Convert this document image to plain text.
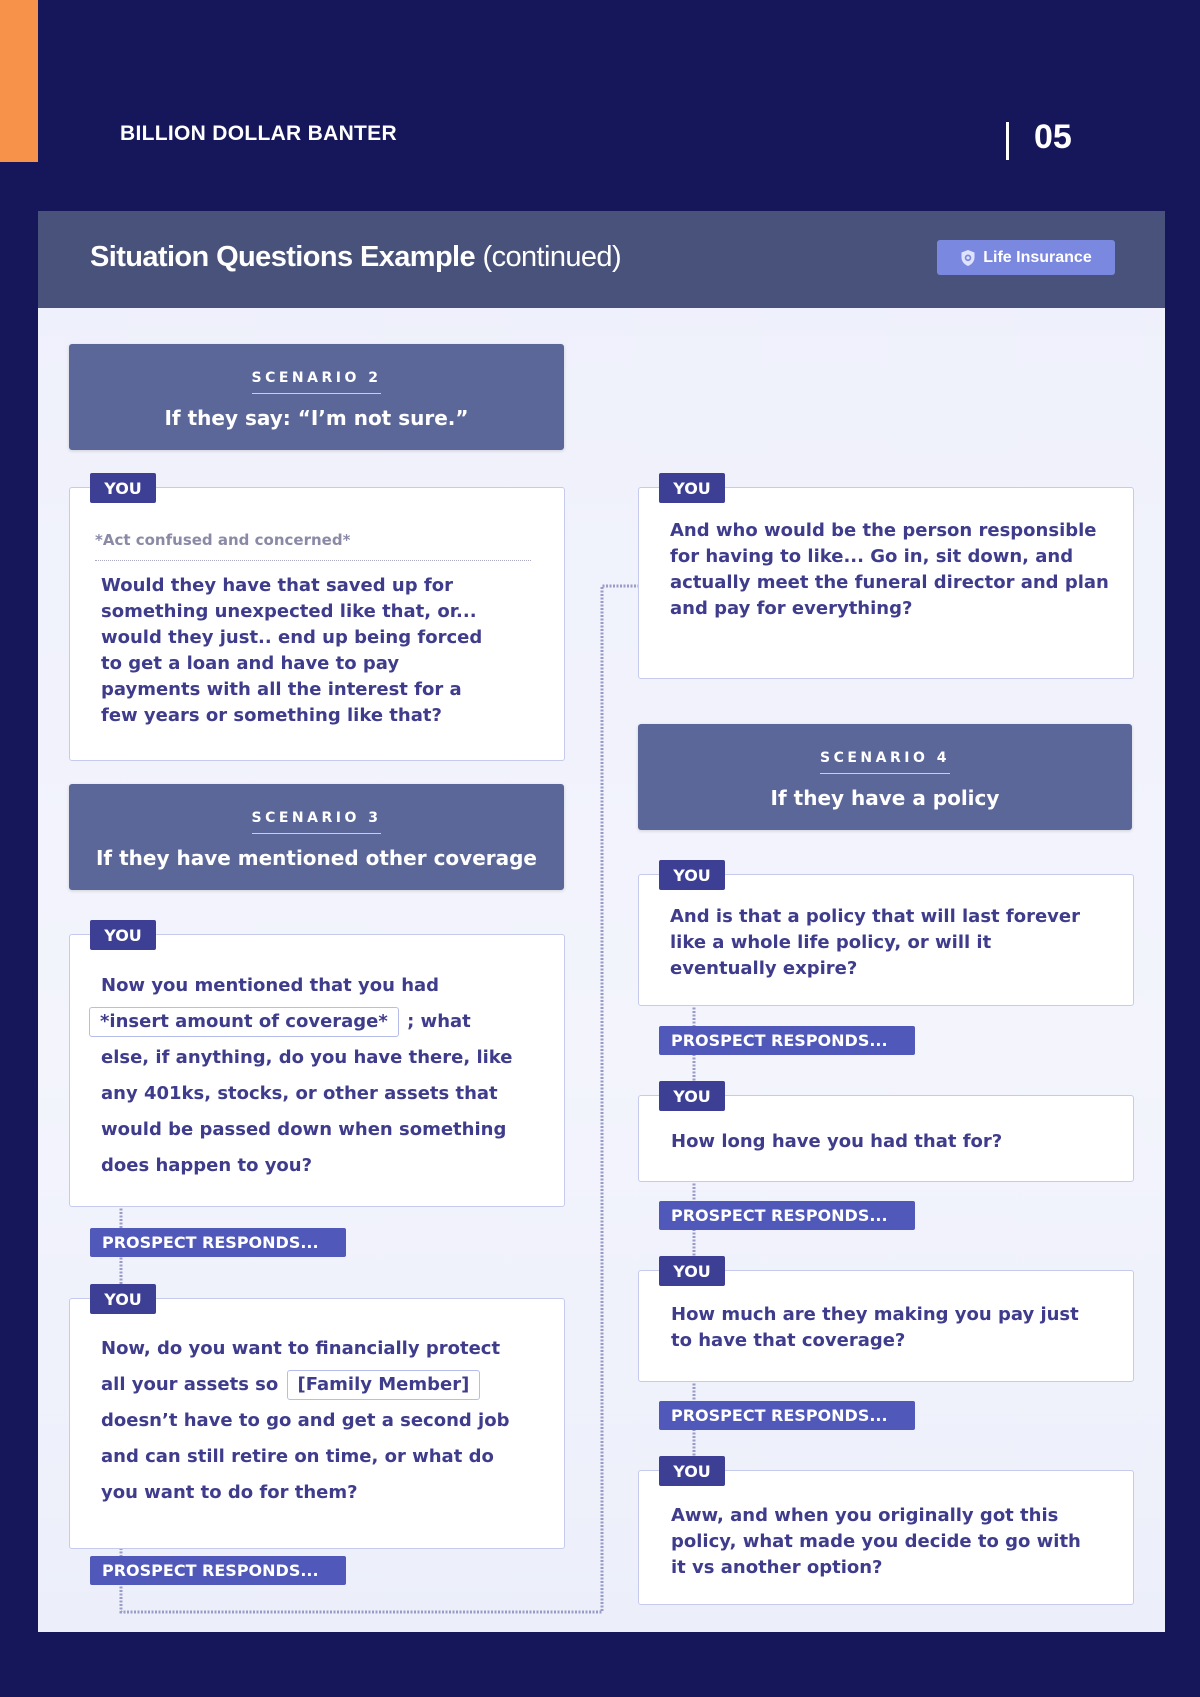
BILLION DOLLAR BANTER	05
Situation Questions Example (continued)	Life Insurance
SCENARIO 2
If they say: “I’m not sure.”
YOU
*Act confused and concerned*
Would they have that saved up for something unexpected like that, or... would they just.. end up being forced to get a loan and have to pay payments with all the interest for a few years or something like that?
SCENARIO 3
If they have mentioned other coverage
YOU
Now you mentioned that you had *insert amount of coverage* ; what else, if anything, do you have there, like any 401ks, stocks, or other assets that would be passed down when something does happen to you?
PROSPECT RESPONDS...
YOU
Now, do you want to financially protect all your assets so [Family Member] doesn’t have to go and get a second job and can still retire on time, or what do you want to do for them?
PROSPECT RESPONDS...
YOU
And who would be the person responsible for having to like... Go in, sit down, and actually meet the funeral director and plan and pay for everything?
SCENARIO 4
If they have a policy
YOU
And is that a policy that will last forever like a whole life policy, or will it eventually expire?
PROSPECT RESPONDS...
YOU
How long have you had that for?
PROSPECT RESPONDS...
YOU
How much are they making you pay just to have that coverage?
PROSPECT RESPONDS...
YOU
Aww, and when you originally got this policy, what made you decide to go with it vs another option?
